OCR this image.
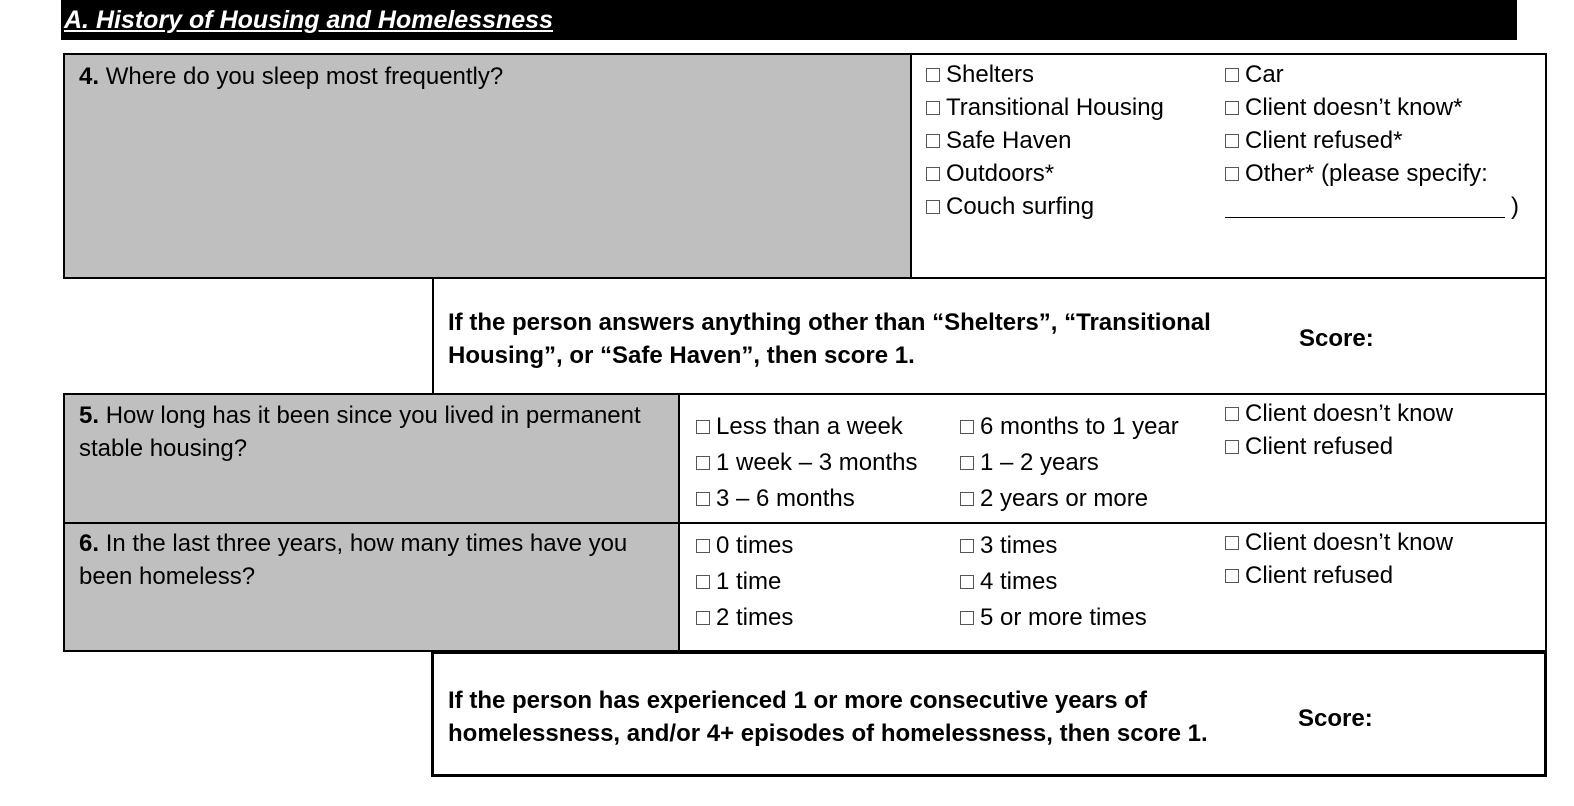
A. History of Housing and Homelessness
4. Where do you sleep most frequently?	Shelters
Transitional Housing
Safe Haven
Outdoors*
Couch surfing
Car
Client doesn’t know*
Client refused*
Other* (please specify:
)
If the person answers anything other than “Shelters”, “Transitional
Housing”, or “Safe Haven”, then score 1.
Score:
5. How long has it been since you lived in permanent
stable housing?
Less than a week
1 week – 3 months
3 – 6 months
6 months to 1 year
1 – 2 years
2 years or more
Client doesn’t know
Client refused
6. In the last three years, how many times have you
been homeless?
0 times
1 time
2 times
3 times
4 times
5 or more times
Client doesn’t know
Client refused
If the person has experienced 1 or more consecutive years of
homelessness, and/or 4+ episodes of homelessness, then score 1.
Score:
